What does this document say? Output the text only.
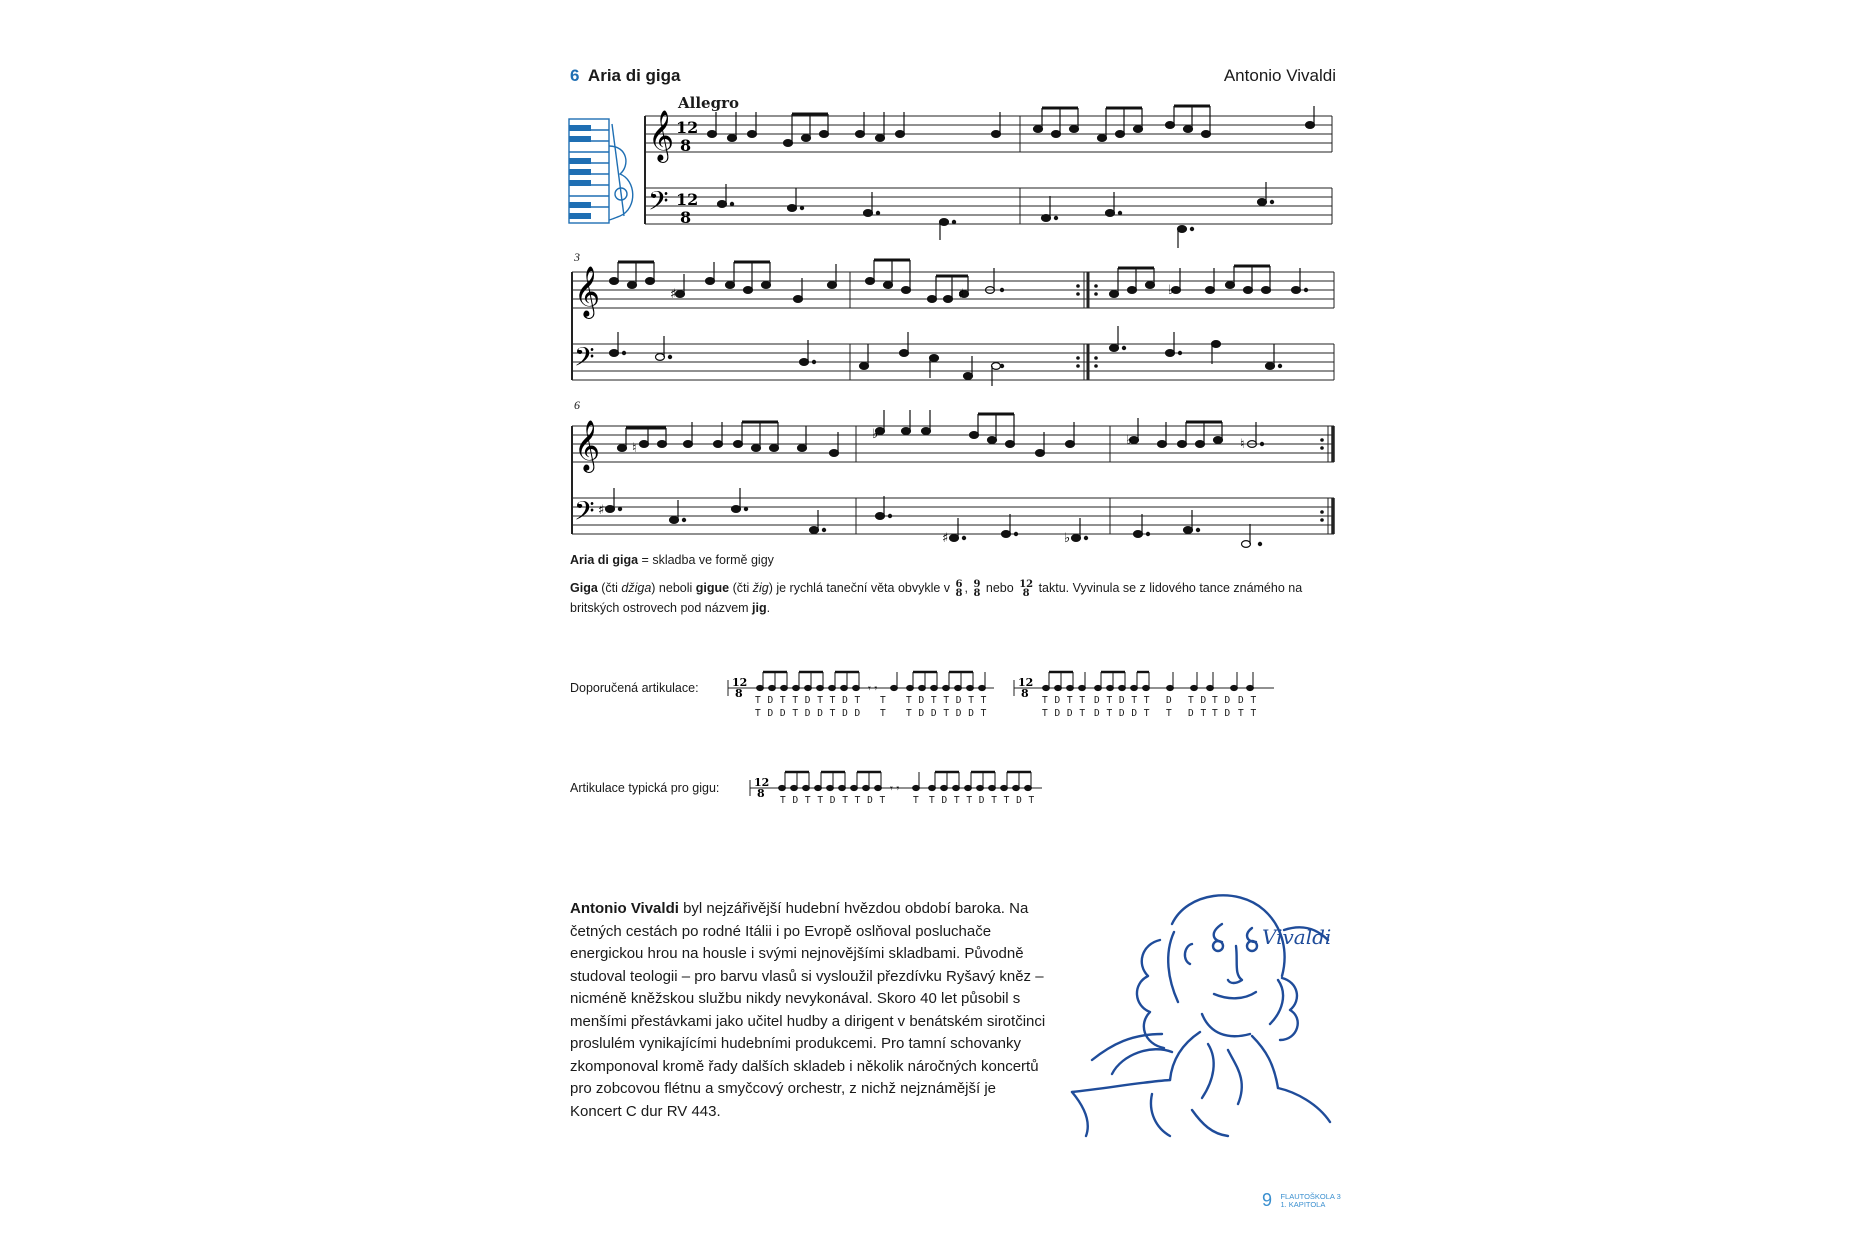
6 Aria di giga	Antonio Vivaldi
Allegro
𝄞
𝄢
12
8
12
8
3
𝄞
𝄢
♯	♯	♭
6
𝄞
𝄢
♮
♭	♭	♮
♯
♯	♭
Aria di giga = skladba ve formě gigy
Giga (čti džiga) neboli gigue (čti žig) je rychlá taneční věta obvykle v 6
8 , 9
8 nebo 12
8 taktu. Vyvinula se z lidového tance známého na britských ostrovech pod názvem jig.
Doporučená artikulace:	12
8
12
8
𝄾 𝄾
T D T T D T T D T
T D D T D D T D D
T
T
T D T T D T T
T D D T D D T
T D T T
T D D T
D T D T T
D T D D T
D
T
T D
D T
T D
T D
D T
T T
Artikulace typická pro gigu:	12
8	𝄾 𝄾
T D T T D T T D T	T T D T T D T T D T
Antonio Vivaldi byl nejzářivější hudební hvězdou období baroka. Na četných cestách po rodné Itálii i po Evropě oslňoval posluchače energickou hrou na housle i svými nejnovějšími skladbami. Původně studoval teologii – pro barvu vlasů si vysloužil přezdívku Ryšavý kněz – nicméně kněžskou službu nikdy nevykonával. Skoro 40 let působil s menšími přestávkami jako učitel hudby a dirigent v benátském sirotčinci proslulém vynikajícími hudebními produkcemi. Pro tamní schovanky zkomponoval kromě řady dalších skladeb i několik náročných koncertů pro zobcovou flétnu a smyčcový orchestr, z nichž nejznámější je Koncert C dur RV 443.
Vivaldi
9 FLAUTOŠKOLA 3
1. KAPITOLA
